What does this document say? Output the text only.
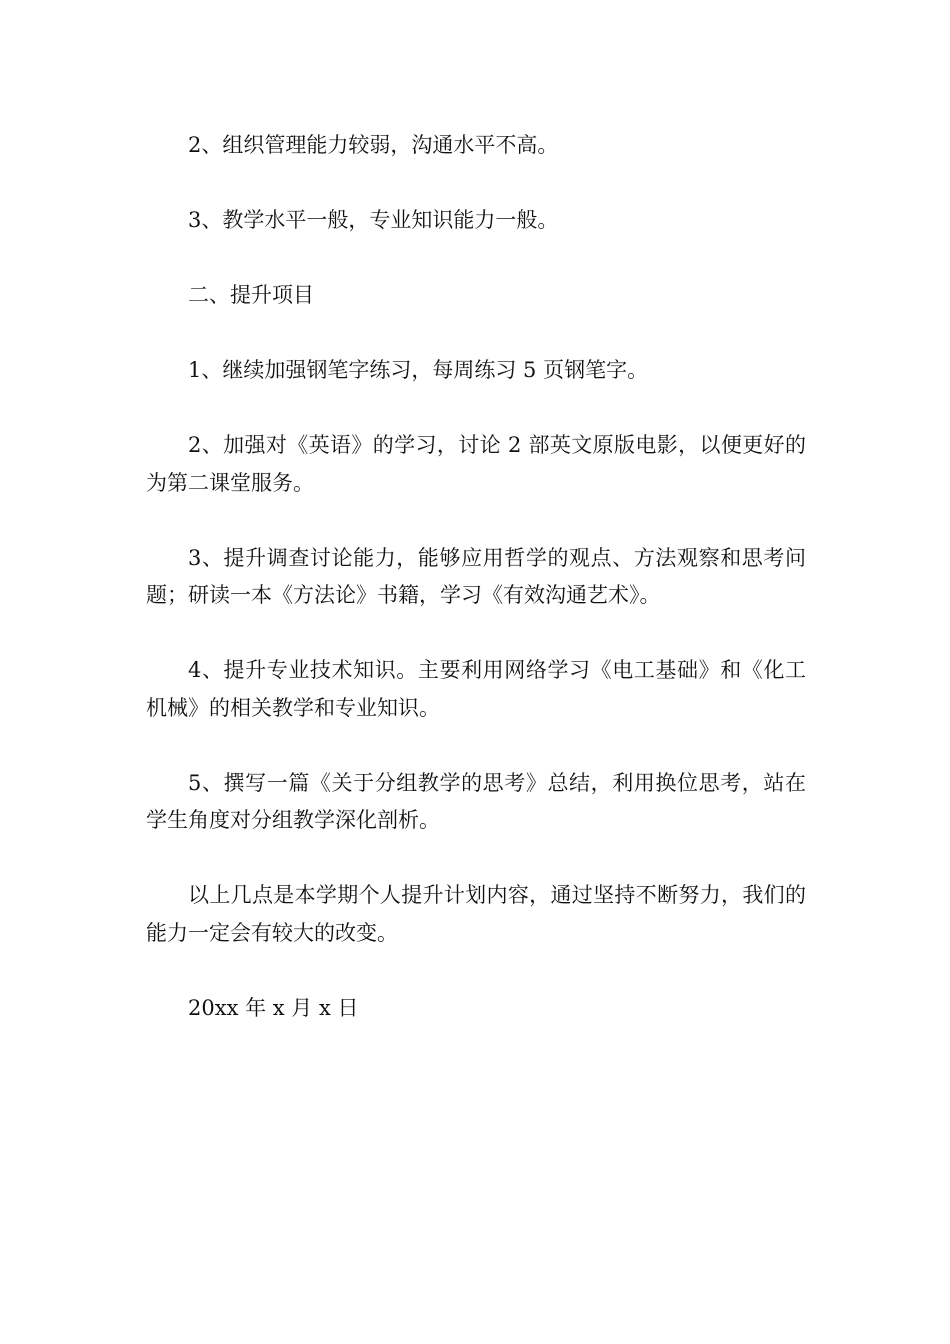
2、组织管理能力较弱，沟通水平不高。

3、教学水平一般，专业知识能力一般。

二、提升项目

1、继续加强钢笔字练习，每周练习 5 页钢笔字。

2、加强对《英语》的学习，讨论 2 部英文原版电影，以便更好的为第二课堂服务。

3、提升调查讨论能力，能够应用哲学的观点、方法观察和思考问题；研读一本《方法论》书籍，学习《有效沟通艺术》。

4、提升专业技术知识。主要利用网络学习《电工基础》和《化工机械》的相关教学和专业知识。

5、撰写一篇《关于分组教学的思考》总结，利用换位思考，站在学生角度对分组教学深化剖析。

以上几点是本学期个人提升计划内容，通过坚持不断努力，我们的能力一定会有较大的改变。

20xx 年 x 月 x 日
